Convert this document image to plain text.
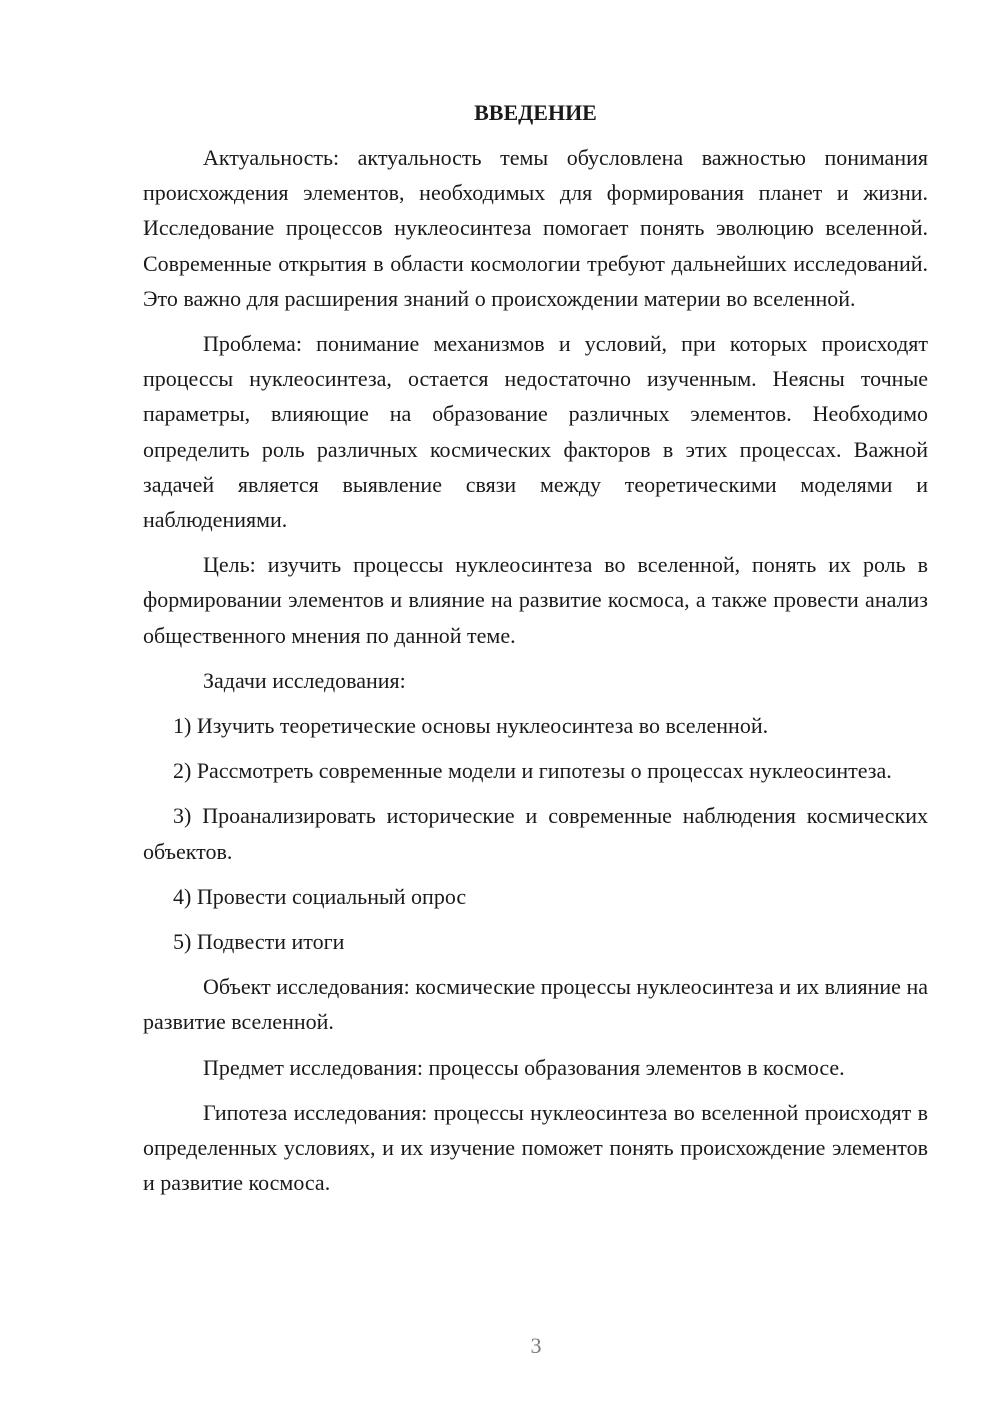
ВВЕДЕНИЕ

Актуальность: актуальность темы обусловлена важностью понимания происхождения элементов, необходимых для формирования планет и жизни. Исследование процессов нуклеосинтеза помогает понять эволюцию вселенной. Современные открытия в области космологии требуют дальнейших исследований. Это важно для расширения знаний о происхождении материи во вселенной.

Проблема: понимание механизмов и условий, при которых происходят процессы нуклеосинтеза, остается недостаточно изученным. Неясны точные параметры, влияющие на образование различных элементов. Необходимо определить роль различных космических факторов в этих процессах. Важной задачей является выявление связи между теоретическими моделями и наблюдениями.

Цель: изучить процессы нуклеосинтеза во вселенной, понять их роль в формировании элементов и влияние на развитие космоса, а также провести анализ общественного мнения по данной теме.

Задачи исследования:

1) Изучить теоретические основы нуклеосинтеза во вселенной.

2) Рассмотреть современные модели и гипотезы о процессах нуклеосинтеза.

3) Проанализировать исторические и современные наблюдения космических объектов.

4) Провести социальный опрос

5) Подвести итоги

Объект исследования: космические процессы нуклеосинтеза и их влияние на развитие вселенной.

Предмет исследования: процессы образования элементов в космосе.

Гипотеза исследования: процессы нуклеосинтеза во вселенной происходят в определенных условиях, и их изучение поможет понять происхождение элементов и развитие космоса.

3
